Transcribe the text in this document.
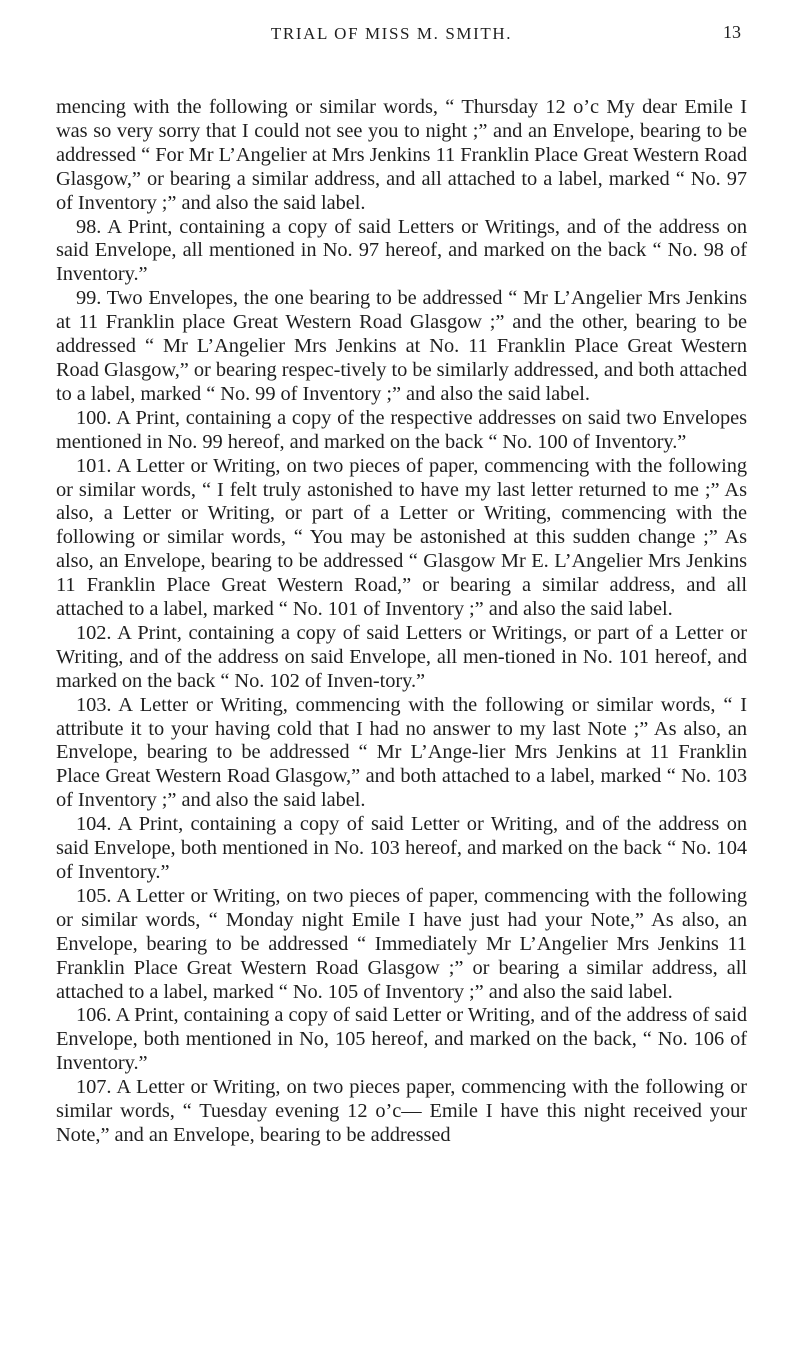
TRIAL OF MISS M. SMITH.	13

mencing with the following or similar words, “ Thursday 12 o’c My dear Emile I was so very sorry that I could not see you to night ;” and an Envelope, bearing to be addressed “ For Mr L’Angelier at Mrs Jenkins 11 Franklin Place Great Western Road Glasgow,” or bearing a similar address, and all attached to a label, marked “ No. 97 of Inventory ;” and also the said label.

98. A Print, containing a copy of said Letters or Writings, and of the address on said Envelope, all mentioned in No. 97 hereof, and marked on the back “ No. 98 of Inventory.”

99. Two Envelopes, the one bearing to be addressed “ Mr L’Angelier Mrs Jenkins at 11 Franklin place Great Western Road Glasgow ;” and the other, bearing to be addressed “ Mr L’Angelier Mrs Jenkins at No. 11 Franklin Place Great Western Road Glasgow,” or bearing respec-tively to be similarly addressed, and both attached to a label, marked “ No. 99 of Inventory ;” and also the said label.

100. A Print, containing a copy of the respective addresses on said two Envelopes mentioned in No. 99 hereof, and marked on the back “ No. 100 of Inventory.”

101. A Letter or Writing, on two pieces of paper, commencing with the following or similar words, “ I felt truly astonished to have my last letter returned to me ;” As also, a Letter or Writing, or part of a Letter or Writing, commencing with the following or similar words, “ You may be astonished at this sudden change ;” As also, an Envelope, bearing to be addressed “ Glasgow Mr E. L’Angelier Mrs Jenkins 11 Franklin Place Great Western Road,” or bearing a similar address, and all attached to a label, marked “ No. 101 of Inventory ;” and also the said label.

102. A Print, containing a copy of said Letters or Writings, or part of a Letter or Writing, and of the address on said Envelope, all men-tioned in No. 101 hereof, and marked on the back “ No. 102 of Inven-tory.”

103. A Letter or Writing, commencing with the following or similar words, “ I attribute it to your having cold that I had no answer to my last Note ;” As also, an Envelope, bearing to be addressed “ Mr L’Ange-lier Mrs Jenkins at 11 Franklin Place Great Western Road Glasgow,” and both attached to a label, marked “ No. 103 of Inventory ;” and also the said label.

104. A Print, containing a copy of said Letter or Writing, and of the address on said Envelope, both mentioned in No. 103 hereof, and marked on the back “ No. 104 of Inventory.”

105. A Letter or Writing, on two pieces of paper, commencing with the following or similar words, “ Monday night Emile I have just had your Note,” As also, an Envelope, bearing to be addressed “ Immediately Mr L’Angelier Mrs Jenkins 11 Franklin Place Great Western Road Glasgow ;” or bearing a similar address, all attached to a label, marked “ No. 105 of Inventory ;” and also the said label.

106. A Print, containing a copy of said Letter or Writing, and of the address of said Envelope, both mentioned in No, 105 hereof, and marked on the back, “ No. 106 of Inventory.”

107. A Letter or Writing, on two pieces paper, commencing with the following or similar words, “ Tuesday evening 12 o’c— Emile I have this night received your Note,” and an Envelope, bearing to be addressed
